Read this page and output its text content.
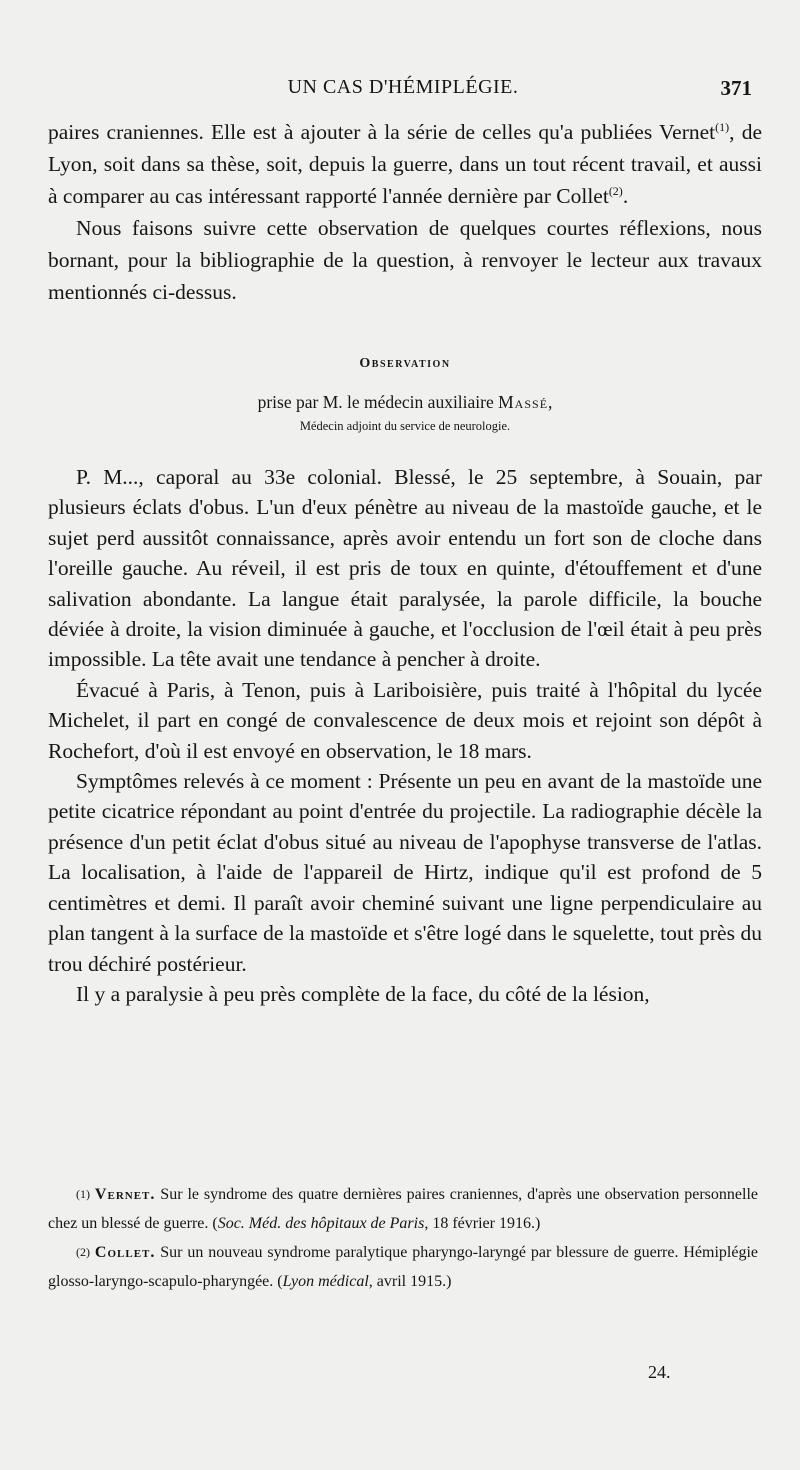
UN CAS D'HÉMIPLÉGIE.	371

paires craniennes. Elle est à ajouter à la série de celles qu'a publiées Vernet$^{(1)}$, de Lyon, soit dans sa thèse, soit, depuis la guerre, dans un tout récent travail, et aussi à comparer au cas intéressant rapporté l'année dernière par Collet$^{(2)}$.

Nous faisons suivre cette observation de quelques courtes réflexions, nous bornant, pour la bibliographie de la question, à renvoyer le lecteur aux travaux mentionnés ci-dessus.

Observation
prise par M. le médecin auxiliaire Massé,
Médecin adjoint du service de neurologie.

P. M..., caporal au 33e colonial. Blessé, le 25 septembre, à Souain, par plusieurs éclats d'obus. L'un d'eux pénètre au niveau de la mastoïde gauche, et le sujet perd aussitôt connaissance, après avoir entendu un fort son de cloche dans l'oreille gauche. Au réveil, il est pris de toux en quinte, d'étouffement et d'une salivation abondante. La langue était paralysée, la parole difficile, la bouche déviée à droite, la vision diminuée à gauche, et l'occlusion de l'œil était à peu près impossible. La tête avait une tendance à pencher à droite.

Évacué à Paris, à Tenon, puis à Lariboisière, puis traité à l'hôpital du lycée Michelet, il part en congé de convalescence de deux mois et rejoint son dépôt à Rochefort, d'où il est envoyé en observation, le 18 mars.

Symptômes relevés à ce moment : Présente un peu en avant de la mastoïde une petite cicatrice répondant au point d'entrée du projectile. La radiographie décèle la présence d'un petit éclat d'obus situé au niveau de l'apophyse transverse de l'atlas. La localisation, à l'aide de l'appareil de Hirtz, indique qu'il est profond de 5 centimètres et demi. Il paraît avoir cheminé suivant une ligne perpendiculaire au plan tangent à la surface de la mastoïde et s'être logé dans le squelette, tout près du trou déchiré postérieur.

Il y a paralysie à peu près complète de la face, du côté de la lésion,

$^{(1)}$ Vernet. Sur le syndrome des quatre dernières paires craniennes, d'après une observation personnelle chez un blessé de guerre. (Soc. Méd. des hôpitaux de Paris, 18 février 1916.)
$^{(2)}$ Collet. Sur un nouveau syndrome paralytique pharyngo-laryngé par blessure de guerre. Hémiplégie glosso-laryngo-scapulo-pharyngée. (Lyon médical, avril 1915.)
24.
